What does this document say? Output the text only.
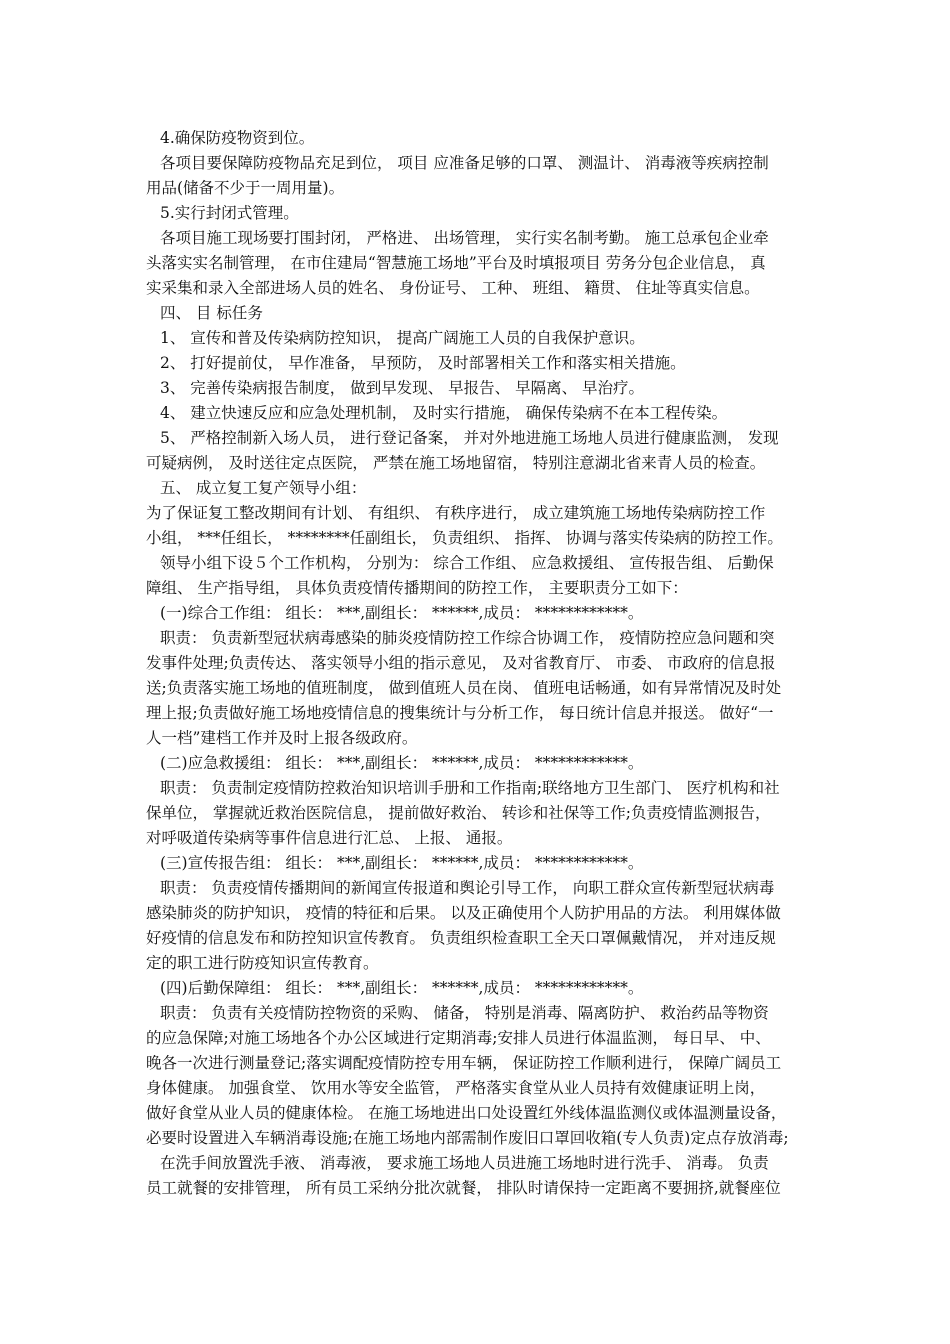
4.确保防疫物资到位。
各项目要保障防疫物品充足到位， 项目 应准备足够的口罩、 测温计、 消毒液等疾病控制
用品(储备不少于一周用量)。
5.实行封闭式管理。
各项目施工现场要打围封闭， 严格进、 出场管理， 实行实名制考勤。 施工总承包企业牵
头落实实名制管理， 在市住建局“智慧施工场地”平台及时填报项目 劳务分包企业信息， 真
实采集和录入全部进场人员的姓名、 身份证号、 工种、 班组、 籍贯、 住址等真实信息。
四、 目 标任务
1、 宣传和普及传染病防控知识， 提高广阔施工人员的自我保护意识。
2、 打好提前仗， 早作准备， 早预防， 及时部署相关工作和落实相关措施。
3、 完善传染病报告制度， 做到早发现、 早报告、 早隔离、 早治疗。
4、 建立快速反应和应急处理机制， 及时实行措施， 确保传染病不在本工程传染。
5、 严格控制新入场人员， 进行登记备案， 并对外地进施工场地人员进行健康监测， 发现
可疑病例， 及时送往定点医院， 严禁在施工场地留宿， 特别注意湖北省来青人员的检查。
五、 成立复工复产领导小组：
为了保证复工整改期间有计划、 有组织、 有秩序进行， 成立建筑施工场地传染病防控工作
小组， ***任组长， ********任副组长， 负责组织、 指挥、 协调与落实传染病的防控工作。
领导小组下设５个工作机构， 分别为： 综合工作组、 应急救援组、 宣传报告组、 后勤保
障组、 生产指导组， 具体负责疫情传播期间的防控工作， 主要职责分工如下：
(一)综合工作组： 组长： ***,副组长： ******,成员： ************。
职责： 负责新型冠状病毒感染的肺炎疫情防控工作综合协调工作， 疫情防控应急问题和突
发事件处理;负责传达、 落实领导小组的指示意见， 及对省教育厅、 市委、 市政府的信息报
送;负责落实施工场地的值班制度， 做到值班人员在岗、 值班电话畅通，如有异常情况及时处
理上报;负责做好施工场地疫情信息的搜集统计与分析工作， 每日统计信息并报送。 做好“一
人一档”建档工作并及时上报各级政府。
(二)应急救援组： 组长： ***,副组长： ******,成员： ************。
职责： 负责制定疫情防控救治知识培训手册和工作指南;联络地方卫生部门、 医疗机构和社
保单位， 掌握就近救治医院信息， 提前做好救治、 转诊和社保等工作;负责疫情监测报告，
对呼吸道传染病等事件信息进行汇总、 上报、 通报。
(三)宣传报告组： 组长： ***,副组长： ******,成员： ************。
职责： 负责疫情传播期间的新闻宣传报道和舆论引导工作， 向职工群众宣传新型冠状病毒
感染肺炎的防护知识， 疫情的特征和后果。 以及正确使用个人防护用品的方法。 利用媒体做
好疫情的信息发布和防控知识宣传教育。 负责组织检查职工全天口罩佩戴情况， 并对违反规
定的职工进行防疫知识宣传教育。
(四)后勤保障组： 组长： ***,副组长： ******,成员： ************。
职责： 负责有关疫情防控物资的采购、 储备， 特别是消毒、隔离防护、 救治药品等物资
的应急保障;对施工场地各个办公区域进行定期消毒;安排人员进行体温监测， 每日早、 中、
晚各一次进行测量登记;落实调配疫情防控专用车辆， 保证防控工作顺利进行， 保障广阔员工
身体健康。 加强食堂、 饮用水等安全监管， 严格落实食堂从业人员持有效健康证明上岗，
做好食堂从业人员的健康体检。 在施工场地进出口处设置红外线体温监测仪或体温测量设备，
必要时设置进入车辆消毒设施;在施工场地内部需制作废旧口罩回收箱(专人负责)定点存放消毒;
在洗手间放置洗手液、 消毒液， 要求施工场地人员进施工场地时进行洗手、 消毒。 负责
员工就餐的安排管理， 所有员工采纳分批次就餐， 排队时请保持一定距离不要拥挤,就餐座位
